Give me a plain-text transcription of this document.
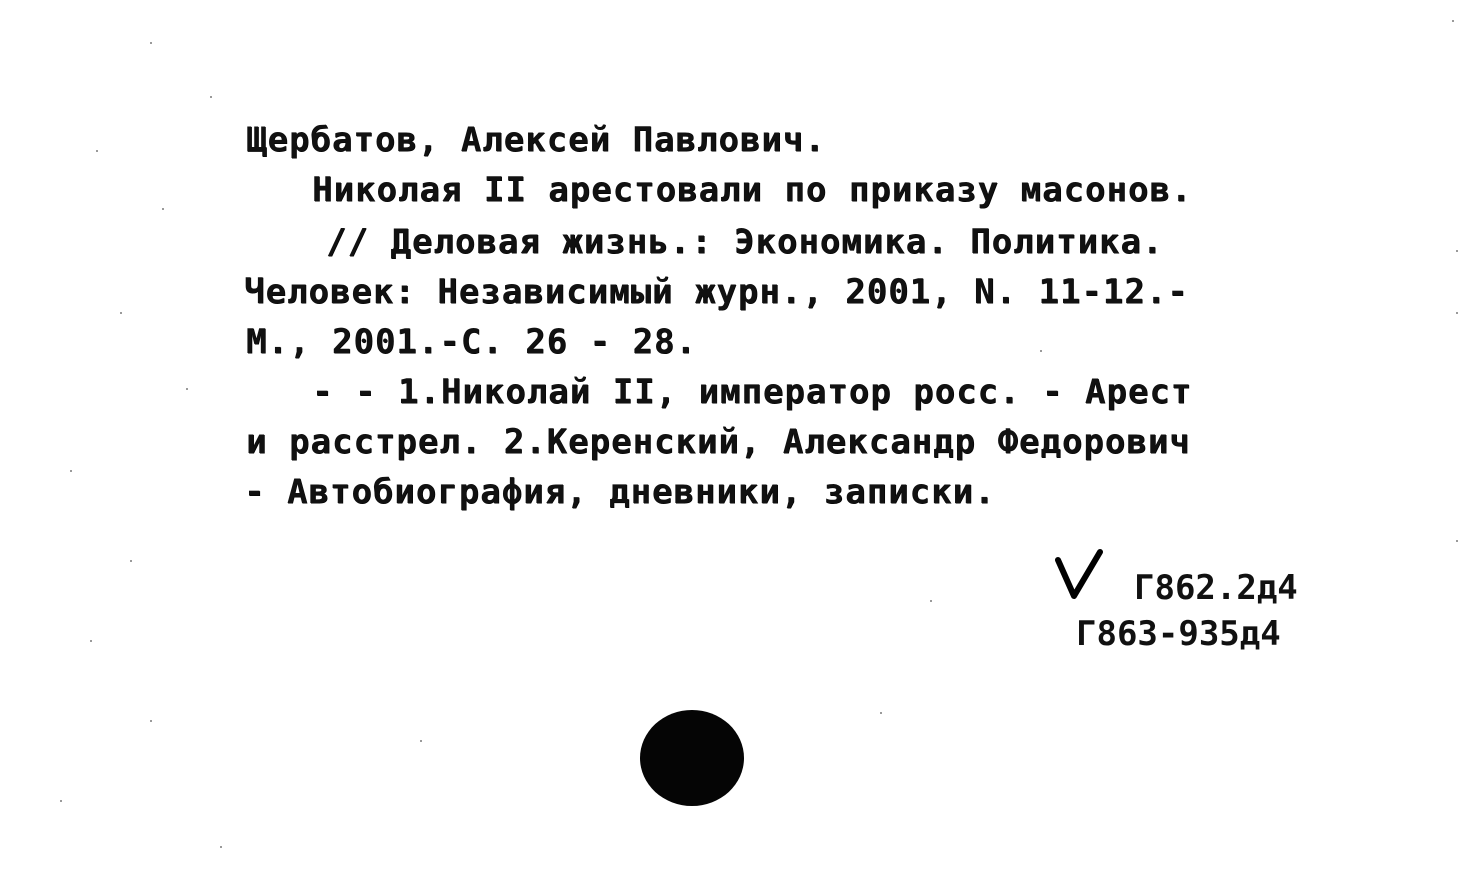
Щербатов, Алексей Павлович.
Николая II арестовали по приказу масонов.
// Деловая жизнь.: Экономика. Политика.
Человек: Независимый журн., 2001, N. 11-12.-
M., 2001.-С. 26 - 28.
- - 1.Николай II, император росс. - Арест
и расстрел. 2.Керенский, Александр Федорович
- Автобиография, дневники, записки.
Г862.2д4
Г863-935д4
